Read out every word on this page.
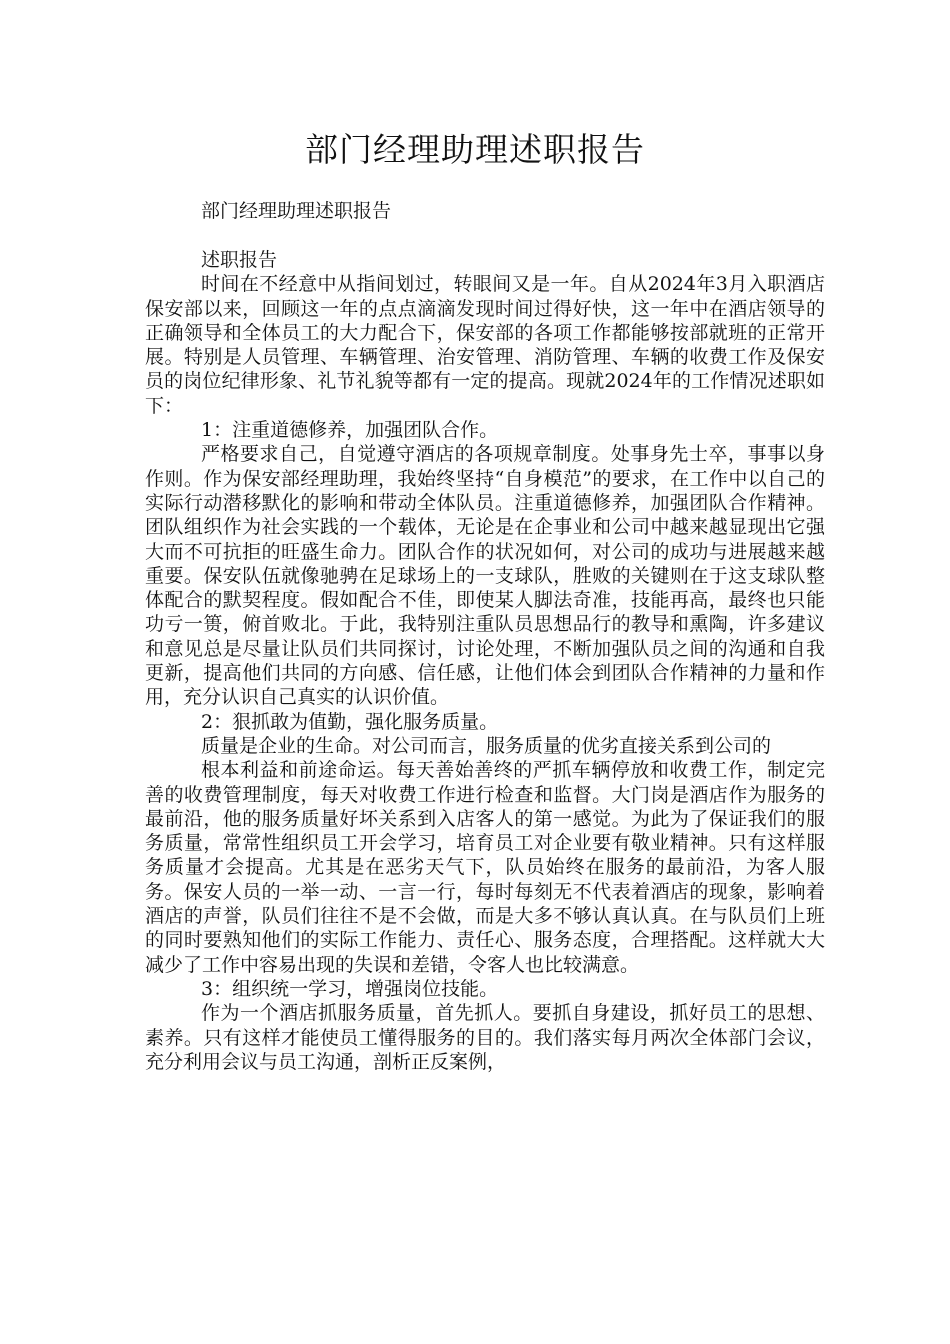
部门经理助理述职报告

部门经理助理述职报告

述职报告

时间在不经意中从指间划过，转眼间又是一年。自从2024年3月入职酒店保安部以来，回顾这一年的点点滴滴发现时间过得好快，这一年中在酒店领导的正确领导和全体员工的大力配合下，保安部的各项工作都能够按部就班的正常开展。特别是人员管理、车辆管理、治安管理、消防管理、车辆的收费工作及保安员的岗位纪律形象、礼节礼貌等都有一定的提高。现就2024年的工作情况述职如下：

1：注重道德修养，加强团队合作。

严格要求自己，自觉遵守酒店的各项规章制度。处事身先士卒，事事以身作则。作为保安部经理助理，我始终坚持“自身模范”的要求，在工作中以自己的实际行动潜移默化的影响和带动全体队员。注重道德修养，加强团队合作精神。团队组织作为社会实践的一个载体，无论是在企事业和公司中越来越显现出它强大而不可抗拒的旺盛生命力。团队合作的状况如何，对公司的成功与进展越来越重要。保安队伍就像驰骋在足球场上的一支球队，胜败的关键则在于这支球队整体配合的默契程度。假如配合不佳，即使某人脚法奇准，技能再高，最终也只能功亏一篑，俯首败北。于此，我特别注重队员思想品行的教导和熏陶，许多建议和意见总是尽量让队员们共同探讨，讨论处理，不断加强队员之间的沟通和自我更新，提高他们共同的方向感、信任感，让他们体会到团队合作精神的力量和作用，充分认识自己真实的认识价值。

2：狠抓敢为值勤，强化服务质量。

质量是企业的生命。对公司而言，服务质量的优劣直接关系到公司的

根本利益和前途命运。每天善始善终的严抓车辆停放和收费工作，制定完善的收费管理制度，每天对收费工作进行检查和监督。大门岗是酒店作为服务的最前沿，他的服务质量好坏关系到入店客人的第一感觉。为此为了保证我们的服务质量，常常性组织员工开会学习，培育员工对企业要有敬业精神。只有这样服务质量才会提高。尤其是在恶劣天气下，队员始终在服务的最前沿，为客人服务。保安人员的一举一动、一言一行，每时每刻无不代表着酒店的现象，影响着酒店的声誉，队员们往往不是不会做，而是大多不够认真认真。在与队员们上班的同时要熟知他们的实际工作能力、责任心、服务态度，合理搭配。这样就大大减少了工作中容易出现的失误和差错，令客人也比较满意。

3：组织统一学习，增强岗位技能。

作为一个酒店抓服务质量，首先抓人。要抓自身建设，抓好员工的思想、素养。只有这样才能使员工懂得服务的目的。我们落实每月两次全体部门会议，充分利用会议与员工沟通，剖析正反案例，
